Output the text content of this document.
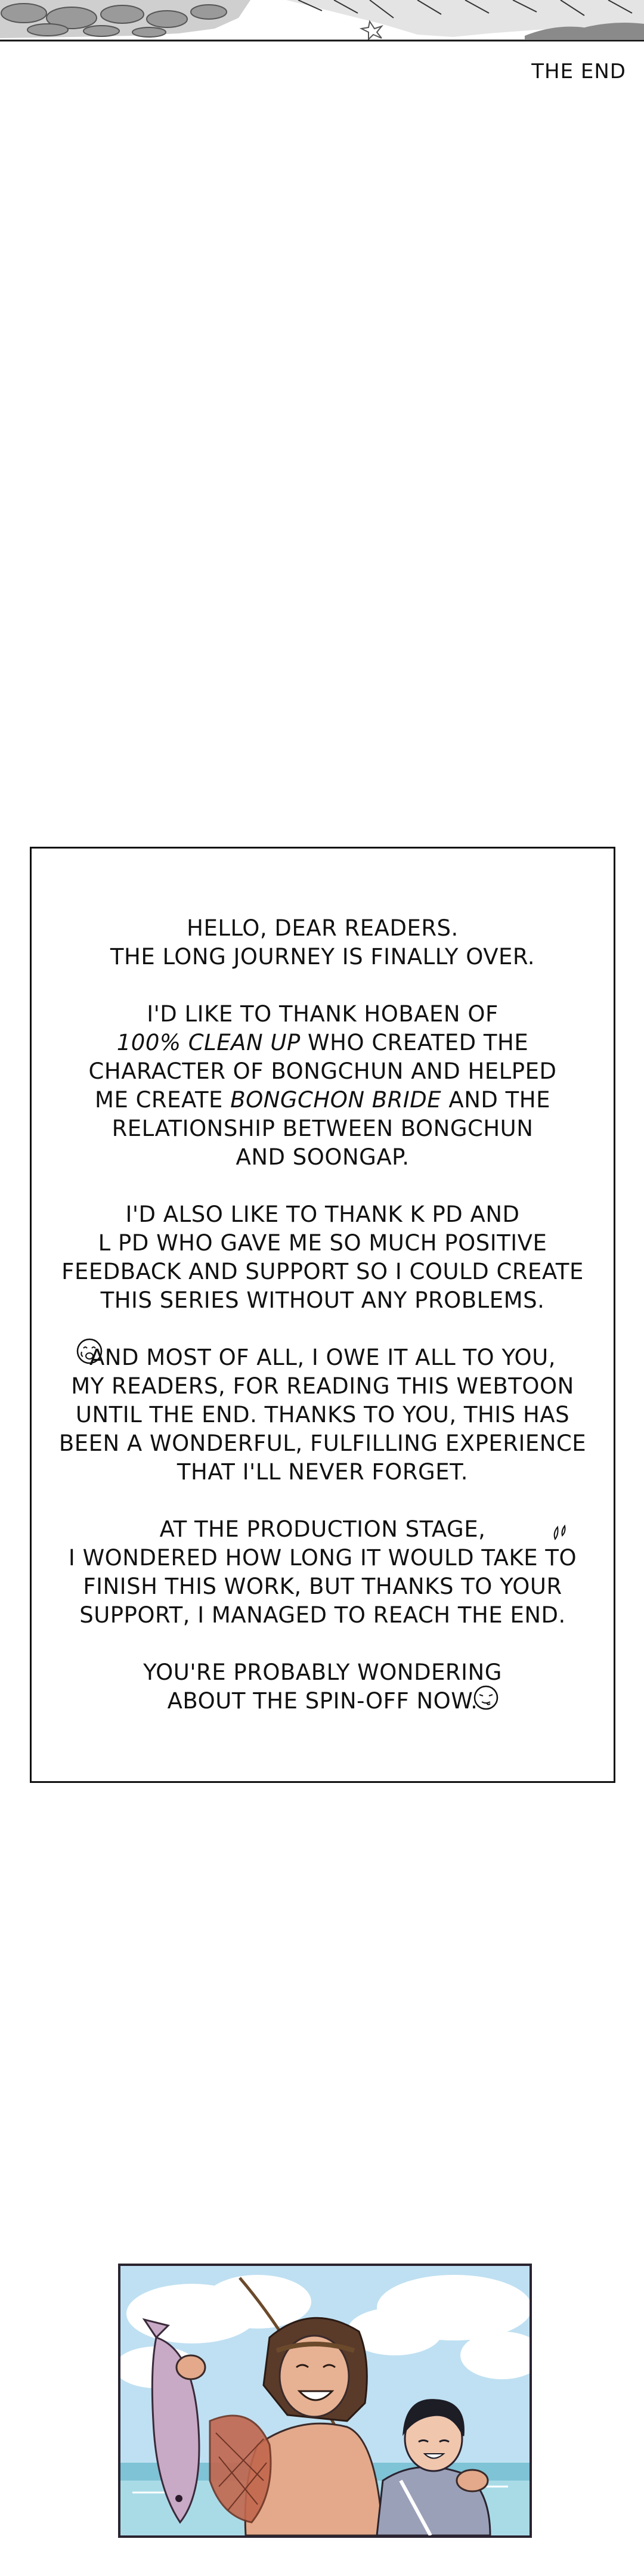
THE END
HELLO, DEAR READERS.
THE LONG JOURNEY IS FINALLY OVER.
I'D LIKE TO THANK HOBAEN OF
100% CLEAN UP WHO CREATED THE
CHARACTER OF BONGCHUN AND HELPED
ME CREATE BONGCHON BRIDE AND THE
RELATIONSHIP BETWEEN BONGCHUN
AND SOONGAP.
I'D ALSO LIKE TO THANK K PD AND
L PD WHO GAVE ME SO MUCH POSITIVE
FEEDBACK AND SUPPORT SO I COULD CREATE
THIS SERIES WITHOUT ANY PROBLEMS.
AND MOST OF ALL, I OWE IT ALL TO YOU,
MY READERS, FOR READING THIS WEBTOON
UNTIL THE END. THANKS TO YOU, THIS HAS
BEEN A WONDERFUL, FULFILLING EXPERIENCE
THAT I'LL NEVER FORGET.
AT THE PRODUCTION STAGE,
I WONDERED HOW LONG IT WOULD TAKE TO
FINISH THIS WORK, BUT THANKS TO YOUR
SUPPORT, I MANAGED TO REACH THE END.
YOU'RE PROBABLY WONDERING
ABOUT THE SPIN-OFF NOW.
